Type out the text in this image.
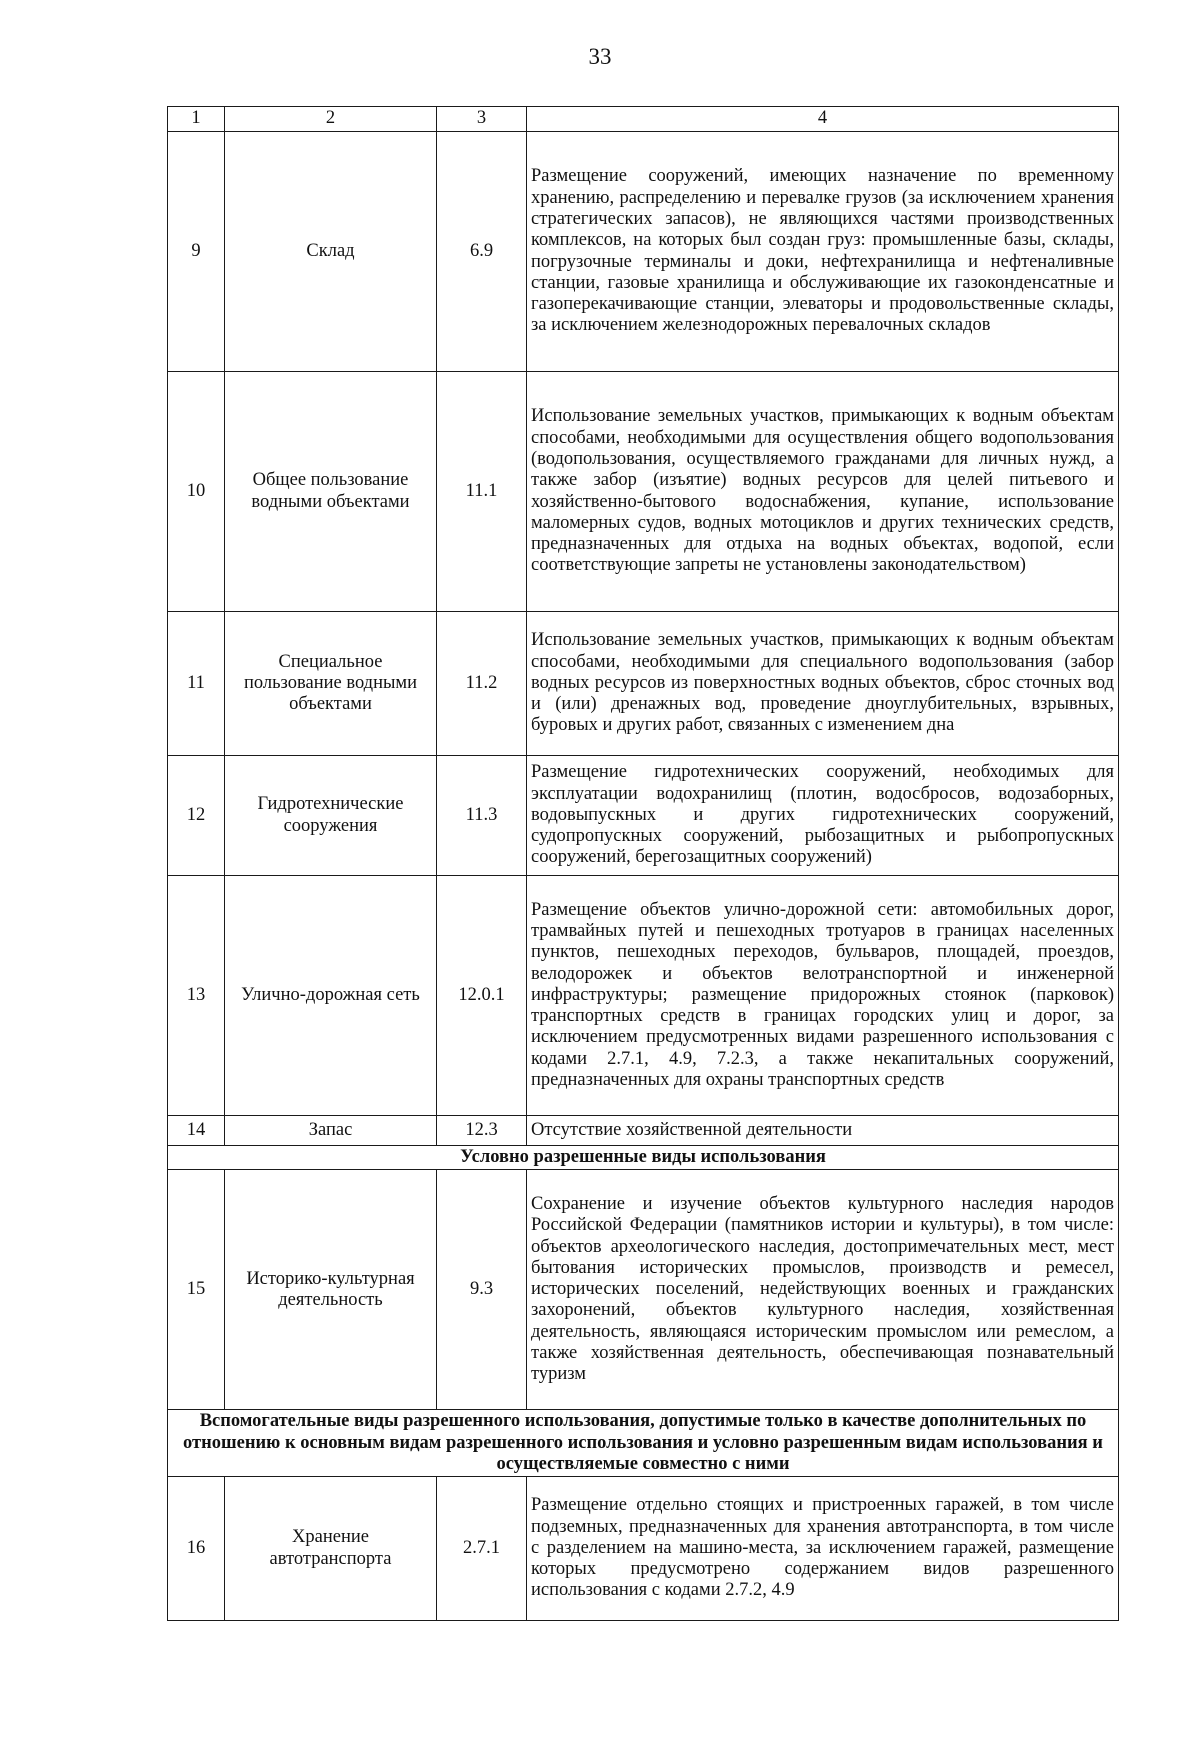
33
1	2	3	4
9	Склад	6.9	Размещение сооружений, имеющих назначение по временному хранению, распределению и перевалке грузов (за исключением хранения стратегических запасов), не являющихся частями производственных комплексов, на которых был создан груз: промышленные базы, склады, погрузочные терминалы и доки, нефтехранилища и нефтеналивные станции, газовые хранилища и обслуживающие их газоконденсатные и газоперекачивающие станции, элеваторы и продовольственные склады, за исключением железнодорожных перевалочных складов
10	Общее пользование водными объектами	11.1	Использование земельных участков, примыкающих к водным объектам способами, необходимыми для осуществления общего водопользования (водопользования, осуществляемого гражданами для личных нужд, а также забор (изъятие) водных ресурсов для целей питьевого и хозяйственно-бытового водоснабжения, купание, использование маломерных судов, водных мотоциклов и других технических средств, предназначенных для отдыха на водных объектах, водопой, если соответствующие запреты не установлены законодательством)
11	Специальное пользование водными объектами	11.2	Использование земельных участков, примыкающих к водным объектам способами, необходимыми для специального водопользования (забор водных ресурсов из поверхностных водных объектов, сброс сточных вод и (или) дренажных вод, проведение дноуглубительных, взрывных, буровых и других работ, связанных с изменением дна
12	Гидротехнические сооружения	11.3	Размещение гидротехнических сооружений, необходимых для эксплуатации водохранилищ (плотин, водосбросов, водозаборных, водовыпускных и других гидротехнических сооружений, судопропускных сооружений, рыбозащитных и рыбопропускных сооружений, берегозащитных сооружений)
13	Улично-дорожная сеть	12.0.1	Размещение объектов улично-дорожной сети: автомобильных дорог, трамвайных путей и пешеходных тротуаров в границах населенных пунктов, пешеходных переходов, бульваров, площадей, проездов, велодорожек и объектов велотранспортной и инженерной инфраструктуры; размещение придорожных стоянок (парковок) транспортных средств в границах городских улиц и дорог, за исключением предусмотренных видами разрешенного использования с кодами 2.7.1, 4.9, 7.2.3, а также некапитальных сооружений, предназначенных для охраны транспортных средств
14	Запас	12.3	Отсутствие хозяйственной деятельности
Условно разрешенные виды использования			
15	Историко-культурная деятельность	9.3	Сохранение и изучение объектов культурного наследия народов Российской Федерации (памятников истории и культуры), в том числе: объектов археологического наследия, достопримечательных мест, мест бытования исторических промыслов, производств и ремесел, исторических поселений, недействующих военных и гражданских захоронений, объектов культурного наследия, хозяйственная деятельность, являющаяся историческим промыслом или ремеслом, а также хозяйственная деятельность, обеспечивающая познавательный туризм
Вспомогательные виды разрешенного использования, допустимые только в качестве дополнительных по отношению к основным видам разрешенного использования и условно разрешенным видам использования и осуществляемые совместно с ними			
16	Хранение автотранспорта	2.7.1	Размещение отдельно стоящих и пристроенных гаражей, в том числе подземных, предназначенных для хранения автотранспорта, в том числе с разделением на машино-места, за исключением гаражей, размещение которых предусмотрено содержанием видов разрешенного использования с кодами 2.7.2, 4.9
